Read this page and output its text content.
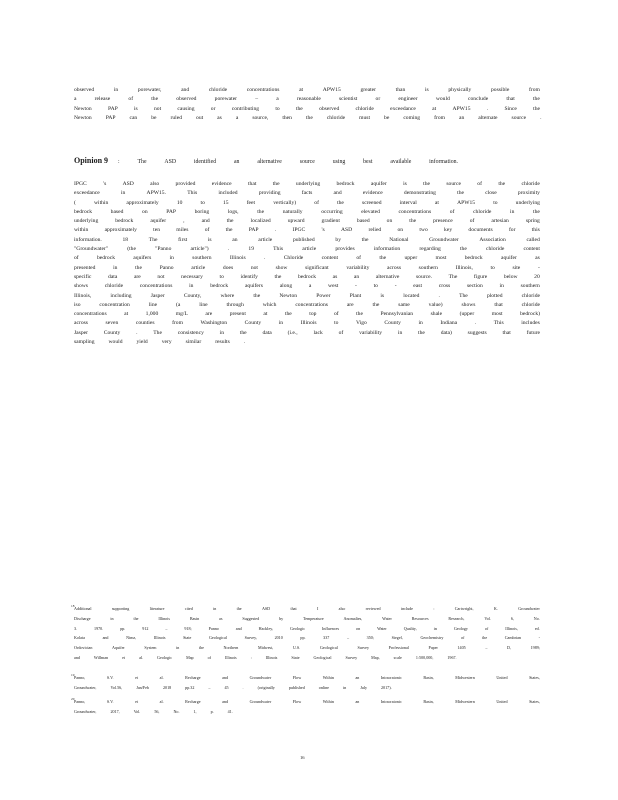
observed	in	porewater,	and	chloride	concentrations	at	APW15	greater	than	is	physically	possible	from
a	release	of	the	observed	porewater	–	a	reasonable	scientist	or	engineer	would	conclude	that	the
Newton	PAP	is	not	causing	or	contributing	to	the	observed	chloride	exceedance	at	APW15	.	Since	the
Newton	PAP	can	be	ruled	out	as	a	source,	then	the	chloride	must	be	coming	from	an	alternate	source	.
Opinion 9 :	The	ASD	identified	an	alternative	source	using	best	available	information.
IPGC	's	ASD	also	provided	evidence	that	the	underlying	bedrock	aquifer	is	the	source	of	the	chloride
exceedance	in	APW15.	This	included	providing	facts	and	evidence	demonstrating	the	close	proximity
(	within	approximately	10	to	15	feet	vertically)	of	the	screened	interval	at	APW15	to	underlying
bedrock	based	on	PAP	boring	logs,	the	naturally	occurring	elevated	concentrations	of	chloride	in	the
underlying	bedrock	aquifer	,	and	the	localized	upward	gradient	based	on	the	presence	of	artesian	spring
within	approximately	ten	miles	of	the	PAP	.	IPGC	's	ASD	relied	on	two	key	documents	for	this
information.	18	The	first	is	an	article	published	by	the	National	Groundwater	Association	called
"Groundwater"	(the	"Panno	article")	.	19	This	article	provides	information	regarding	the	chloride	content
of	bedrock	aquifers	in	southern	Illinois	.	Chloride	content	of	the	upper	most	bedrock	aquifer	as
presented	in	the	Panno	article	does	not	show	significant	variability	across	southern	Illinois,	to	site	-
specific	data	are	not	necessary	to	identify	the	bedrock	as	an	alternative	source.	The	figure	below	20
shows	chloride	concentrations	in	bedrock	aquifers	along	a	west	-	to	-	east	cross	section	in	southern
Illinois,	including	Jasper	County,	where	the	Newton	Power	Plant	is	located	.	The	plotted	chloride
iso	concentration	line	(a	line	through	which	concentrations	are	the	same	value)	shows	that	chloride
concentrations	at	1,000	mg/L	are	present	at	the	top	of	the	Pennsylvanian	shale	(upper	most	bedrock)
across	seven	counties	from	Washington	County	in	Illinois	to	Vigo	County	in	Indiana	.	This	includes
Jasper	County	.	The	consistency	in	the	data	(i.e.,	lack	of	variability	in	the	data)	suggests	that	future
sampling	would	yield	very	similar	results	.
18 Additional	supporting	literature	cited	in	the	ASD	that	I	also	reviewed	include	:	Cartwright,	K.	Groundwater
Discharge	in	the	Illinois	Basin	as	Suggested	by	Temperature	Anomalies,	Water	Resources	Research,	Vol.	6,	No.
3.	1970.	pp.	912	–	918;	Panno	and	Hackley,	Geologic	Influences	on	Water	Quality,	in	Geology	of	Illinois,	ed.
Kolata	and	Nimz,	Illinois	State	Geological	Survey,	2010	pp.	337	–	350;	Siegel,	Geochemistry	of	the	Cambrian	-
Ordovician	Aquifer	System	in	the	Northern	Midwest,	U.S.	Geological	Survey	Professional	Paper	1405	–	D,	1989;
and	Willman	et	al.	Geologic	Map	of	Illinois	:	Illinois	State	Geological	Survey	Map,	scale	1:500,000,	1967.
19 Panno,	S.V.	et	al.	Recharge	and	Groundwater	Flow	Within	an	Intracratonic	Basin,	Midwestern	United	States,
Groundwater,	Vol.56,	Jan/Feb	2018	pp.32	–	45	.	(originally	published	online	in	July	2017).
20 Panno,	S.V.	et	al.	Recharge	and	Groundwater	Flow	Within	an	Intracratonic	Basin,	Midwestern	United	States,
Groundwater,	2017,	Vol.	56,	No.	1,	p.	41.
16
